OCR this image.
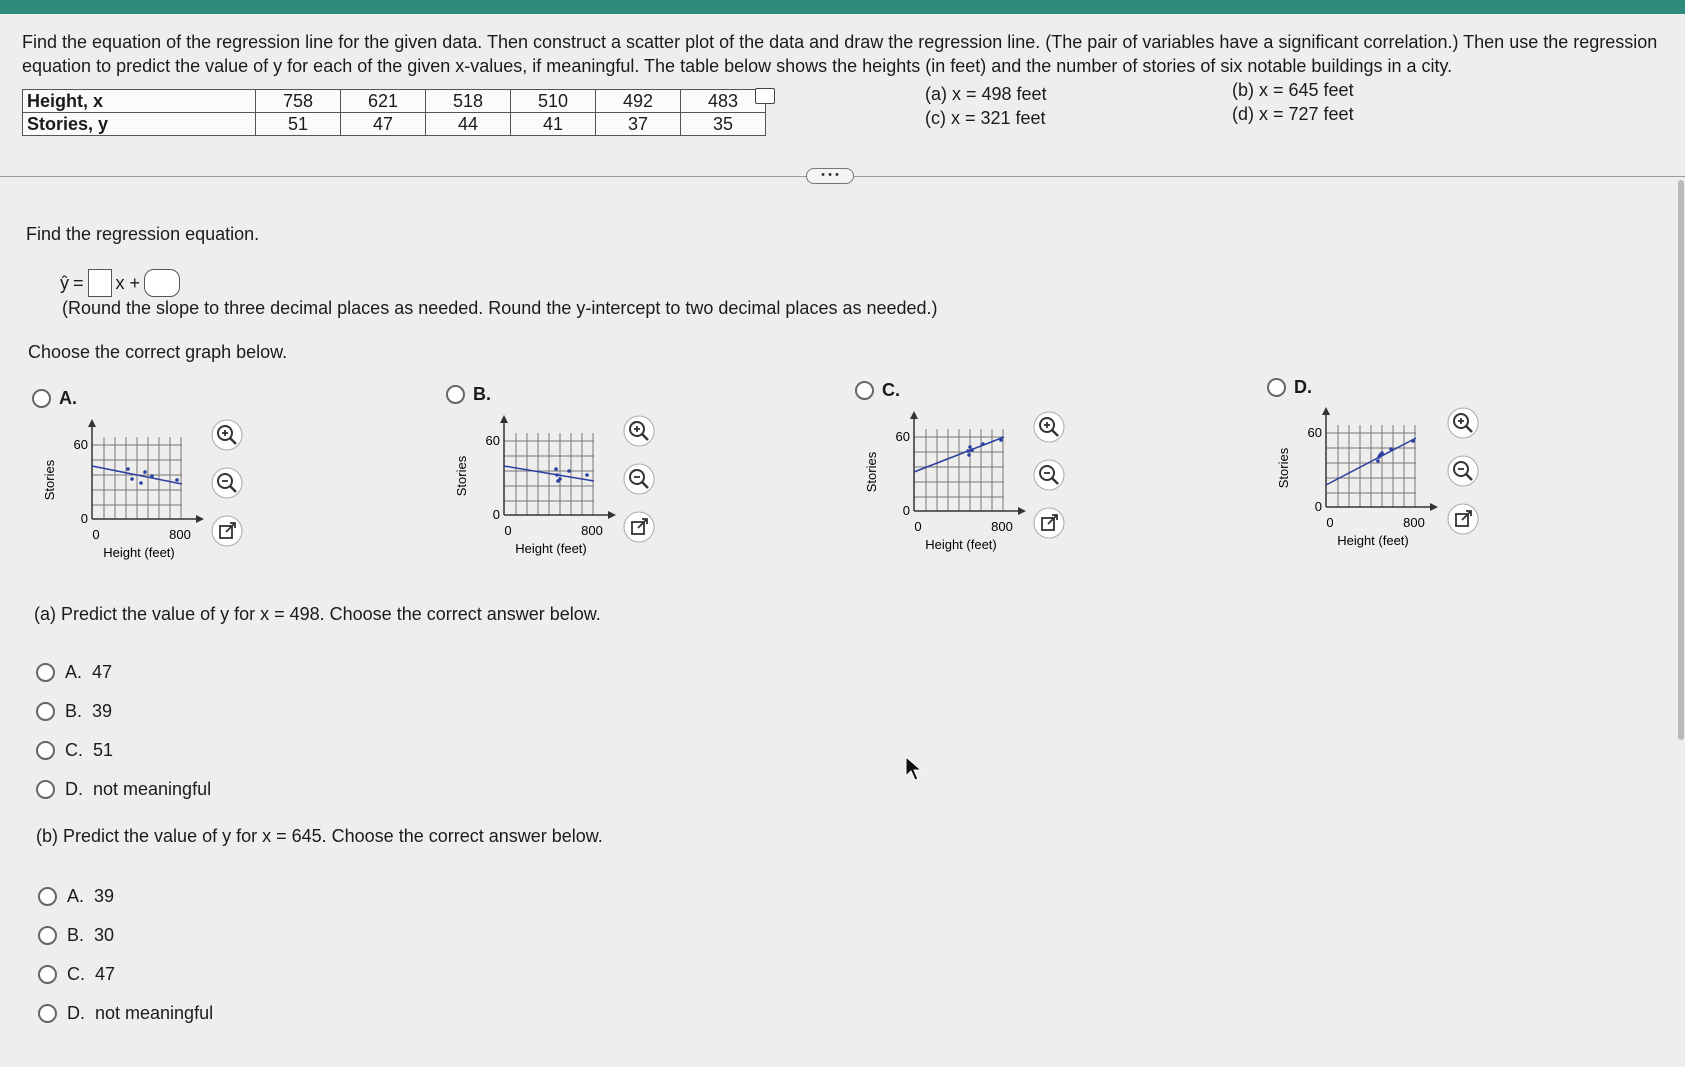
Find the equation of the regression line for the given data. Then construct a scatter plot of the data and draw the regression line. (The pair of variables have a significant correlation.) Then use the regression equation to predict the value of y for each of the given x-values, if meaningful. The table below shows the heights (in feet) and the number of stories of six notable buildings in a city.
Height, x	758	621	518	510	492	483
Stories, y	51	47	44	41	37	35
(a) x = 498 feet
(c) x = 321 feet
(b) x = 645 feet
(d) x = 727 feet
• • •
Find the regression equation.
ŷ = x +
(Round the slope to three decimal places as needed. Round the y-intercept to two decimal places as needed.)
Choose the correct graph below.
A.
Stories
60
0
0	800
Height (feet)
B.
Stories
60
0
0	800
Height (feet)
C.
Stories
60
0
0	800
Height (feet)
D.
Stories
60
0
0	800
Height (feet)
(a) Predict the value of y for x = 498. Choose the correct answer below.
A. 47
B. 39
C. 51
D. not meaningful
(b) Predict the value of y for x = 645. Choose the correct answer below.
A. 39
B. 30
C. 47
D. not meaningful
